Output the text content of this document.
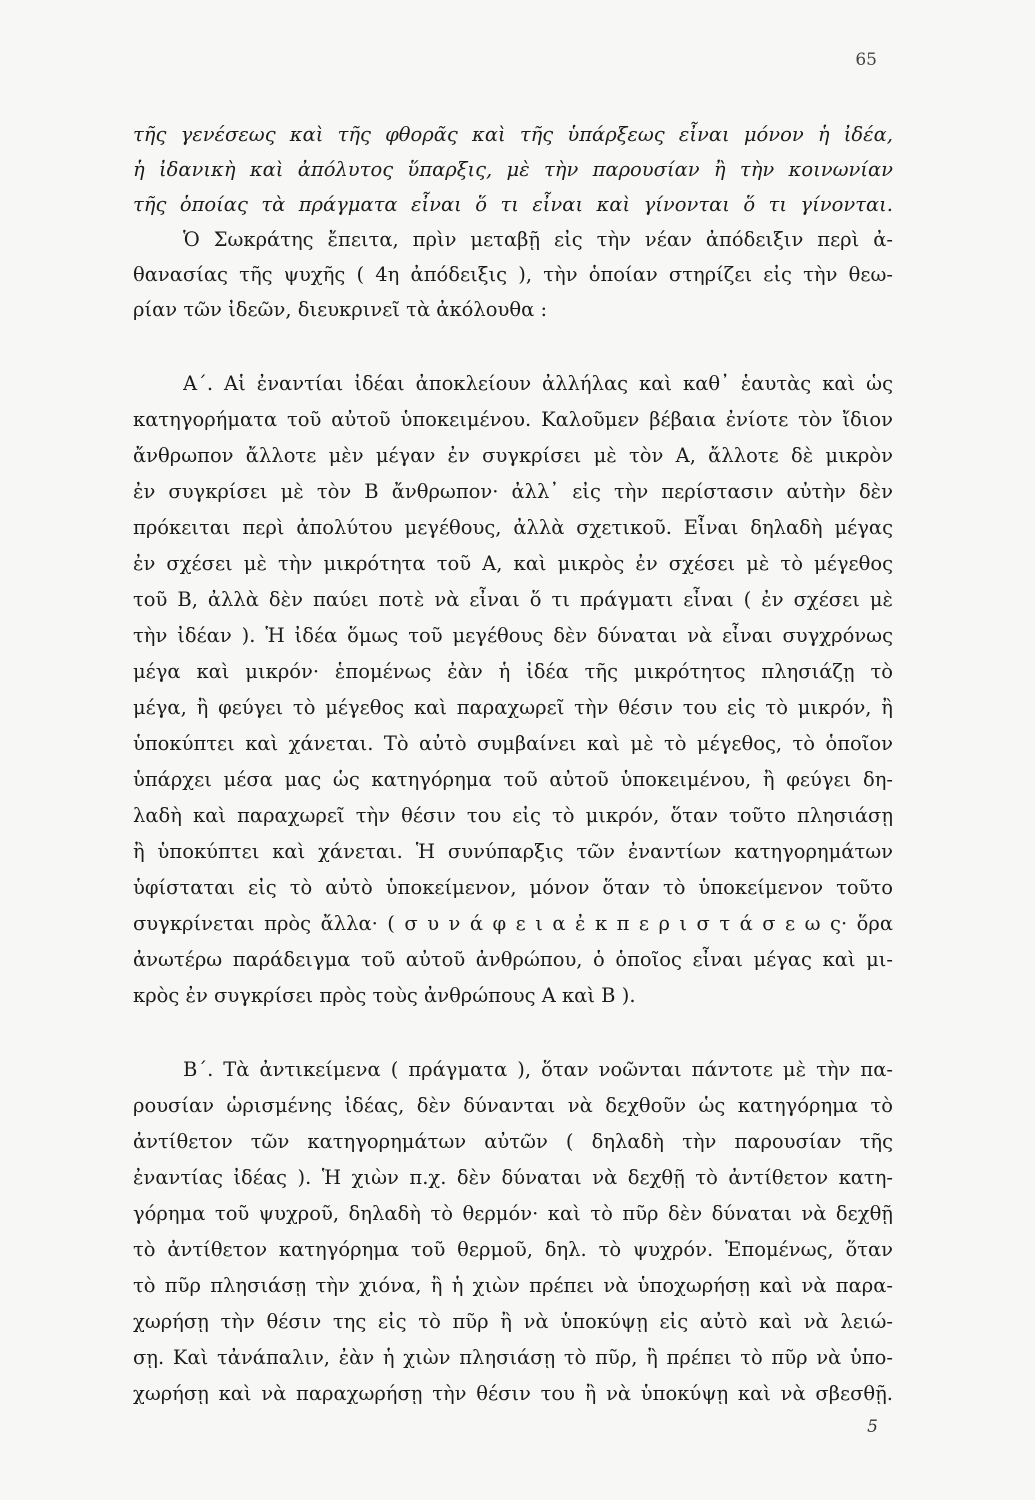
65
τῆς γενέσεως καὶ τῆς φθορᾶς καὶ τῆς ὑπάρξεως εἶναι μόνον ἡ ἰδέα,
ἡ ἰδανικὴ καὶ ἀπόλυτος ὕπαρξις, μὲ τὴν παρουσίαν ἢ τὴν κοινωνίαν
τῆς ὁποίας τὰ πράγματα εἶναι ὅ τι εἶναι καὶ γίνονται ὅ τι γίνονται.
Ὁ Σωκράτης ἔπειτα, πρὶν μεταβῇ εἰς τὴν νέαν ἀπόδειξιν περὶ ἀ-
θανασίας τῆς ψυχῆς ( 4η ἀπόδειξις ), τὴν ὁποίαν στηρίζει εἰς τὴν θεω-
ρίαν τῶν ἰδεῶν, διευκρινεῖ τὰ ἀκόλουθα :
Α΄. Αἱ ἐναντίαι ἰδέαι ἀποκλείουν ἀλλήλας καὶ καθ᾽ ἑαυτὰς καὶ ὡς
κατηγορήματα τοῦ αὐτοῦ ὑποκειμένου. Καλοῦμεν βέβαια ἐνίοτε τὸν ἴδιον
ἄνθρωπον ἄλλοτε μὲν μέγαν ἐν συγκρίσει μὲ τὸν Α, ἄλλοτε δὲ μικρὸν
ἐν συγκρίσει μὲ τὸν Β ἄνθρωπον· ἀλλ᾽ εἰς τὴν περίστασιν αὐτὴν δὲν
πρόκειται περὶ ἀπολύτου μεγέθους, ἀλλὰ σχετικοῦ. Εἶναι δηλαδὴ μέγας
ἐν σχέσει μὲ τὴν μικρότητα τοῦ Α, καὶ μικρὸς ἐν σχέσει μὲ τὸ μέγεθος
τοῦ Β, ἀλλὰ δὲν παύει ποτὲ νὰ εἶναι ὅ τι πράγματι εἶναι ( ἐν σχέσει μὲ
τὴν ἰδέαν ). Ἡ ἰδέα ὅμως τοῦ μεγέθους δὲν δύναται νὰ εἶναι συγχρόνως
μέγα καὶ μικρόν· ἑπομένως ἐὰν ἡ ἰδέα τῆς μικρότητος πλησιάζῃ τὸ
μέγα, ἢ φεύγει τὸ μέγεθος καὶ παραχωρεῖ τὴν θέσιν του εἰς τὸ μικρόν, ἢ
ὑποκύπτει καὶ χάνεται. Τὸ αὐτὸ συμβαίνει καὶ μὲ τὸ μέγεθος, τὸ ὁποῖον
ὑπάρχει μέσα μας ὡς κατηγόρημα τοῦ αὐτοῦ ὑποκειμένου, ἢ φεύγει δη-
λαδὴ καὶ παραχωρεῖ τὴν θέσιν του εἰς τὸ μικρόν, ὅταν τοῦτο πλησιάσῃ
ἢ ὑποκύπτει καὶ χάνεται. Ἡ συνύπαρξις τῶν ἐναντίων κατηγορημάτων
ὑφίσταται εἰς τὸ αὐτὸ ὑποκείμενον, μόνον ὅταν τὸ ὑποκείμενον τοῦτο
συγκρίνεται πρὸς ἄλλα· ( σ υ ν ά φ ε ι α ἐ κ π ε ρ ι σ τ ά σ ε ω ς· ὅρα
ἀνωτέρω παράδειγμα τοῦ αὐτοῦ ἀνθρώπου, ὁ ὁποῖος εἶναι μέγας καὶ μι-
κρὸς ἐν συγκρίσει πρὸς τοὺς ἀνθρώπους Α καὶ Β ).
Β΄. Τὰ ἀντικείμενα ( πράγματα ), ὅταν νοῶνται πάντοτε μὲ τὴν πα-
ρουσίαν ὡρισμένης ἰδέας, δὲν δύνανται νὰ δεχθοῦν ὡς κατηγόρημα τὸ
ἀντίθετον τῶν κατηγορημάτων αὐτῶν ( δηλαδὴ τὴν παρουσίαν τῆς
ἐναντίας ἰδέας ). Ἡ χιὼν π.χ. δὲν δύναται νὰ δεχθῇ τὸ ἀντίθετον κατη-
γόρημα τοῦ ψυχροῦ, δηλαδὴ τὸ θερμόν· καὶ τὸ πῦρ δὲν δύναται νὰ δεχθῇ
τὸ ἀντίθετον κατηγόρημα τοῦ θερμοῦ, δηλ. τὸ ψυχρόν. Ἑπομένως, ὅταν
τὸ πῦρ πλησιάσῃ τὴν χιόνα, ἢ ἡ χιὼν πρέπει νὰ ὑποχωρήσῃ καὶ νὰ παρα-
χωρήσῃ τὴν θέσιν της εἰς τὸ πῦρ ἢ νὰ ὑποκύψῃ εἰς αὐτὸ καὶ νὰ λειώ-
σῃ. Καὶ τἀνάπαλιν, ἐὰν ἡ χιὼν πλησιάσῃ τὸ πῦρ, ἢ πρέπει τὸ πῦρ νὰ ὑπο-
χωρήσῃ καὶ νὰ παραχωρήσῃ τὴν θέσιν του ἢ νὰ ὑποκύψῃ καὶ νὰ σβεσθῇ.
5
